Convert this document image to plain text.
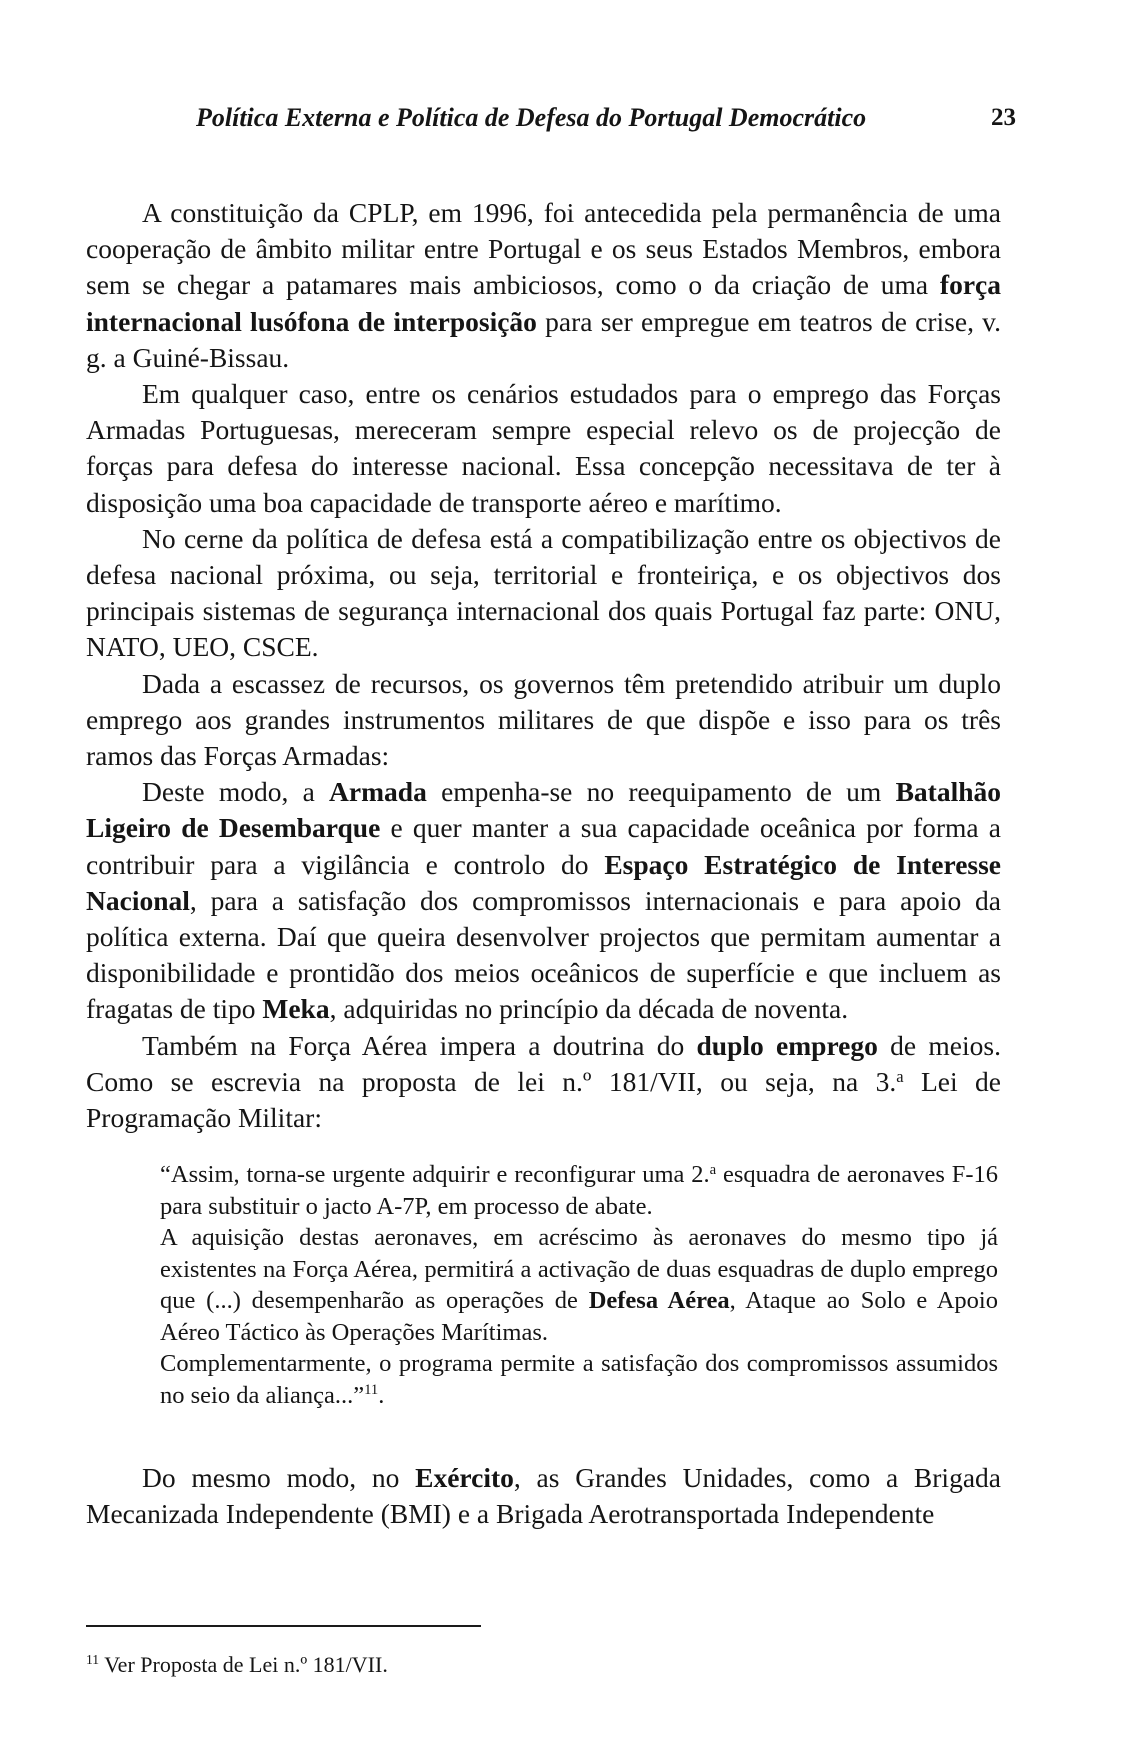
Política Externa e Política de Defesa do Portugal Democrático	23

A constituição da CPLP, em 1996, foi antecedida pela permanência de uma cooperação de âmbito militar entre Portugal e os seus Estados Membros, embora sem se chegar a patamares mais ambiciosos, como o da criação de uma força internacional lusófona de interposição para ser empregue em teatros de crise, v. g. a Guiné-Bissau.

Em qualquer caso, entre os cenários estudados para o emprego das Forças Armadas Portuguesas, mereceram sempre especial relevo os de projecção de forças para defesa do interesse nacional. Essa concepção necessitava de ter à disposição uma boa capacidade de transporte aéreo e marítimo.

No cerne da política de defesa está a compatibilização entre os objectivos de defesa nacional próxima, ou seja, territorial e fronteiriça, e os objectivos dos principais sistemas de segurança internacional dos quais Portugal faz parte: ONU, NATO, UEO, CSCE.

Dada a escassez de recursos, os governos têm pretendido atribuir um duplo emprego aos grandes instrumentos militares de que dispõe e isso para os três ramos das Forças Armadas:

Deste modo, a Armada empenha-se no reequipamento de um Batalhão Ligeiro de Desembarque e quer manter a sua capacidade oceânica por forma a contribuir para a vigilância e controlo do Espaço Estratégico de Interesse Nacional, para a satisfação dos compromissos internacionais e para apoio da política externa. Daí que queira desenvolver projectos que permitam aumentar a disponibilidade e prontidão dos meios oceânicos de superfície e que incluem as fragatas de tipo Meka, adquiridas no princípio da década de noventa.

Também na Força Aérea impera a doutrina do duplo emprego de meios. Como se escrevia na proposta de lei n.º 181/VII, ou seja, na 3.$^a$ Lei de Programação Militar:

“Assim, torna-se urgente adquirir e reconfigurar uma 2.$^a$ esquadra de aeronaves F-16 para substituir o jacto A-7P, em processo de abate.

A aquisição destas aeronaves, em acréscimo às aeronaves do mesmo tipo já existentes na Força Aérea, permitirá a activação de duas esquadras de duplo emprego que (...) desempenharão as operações de Defesa Aérea, Ataque ao Solo e Apoio Aéreo Táctico às Operações Marítimas.

Complementarmente, o programa permite a satisfação dos compromissos assumidos no seio da aliança...”$^{11}$.

Do mesmo modo, no Exército, as Grandes Unidades, como a Brigada Mecanizada Independente (BMI) e a Brigada Aerotransportada Independente

$^{11}$ Ver Proposta de Lei n.º 181/VII.
